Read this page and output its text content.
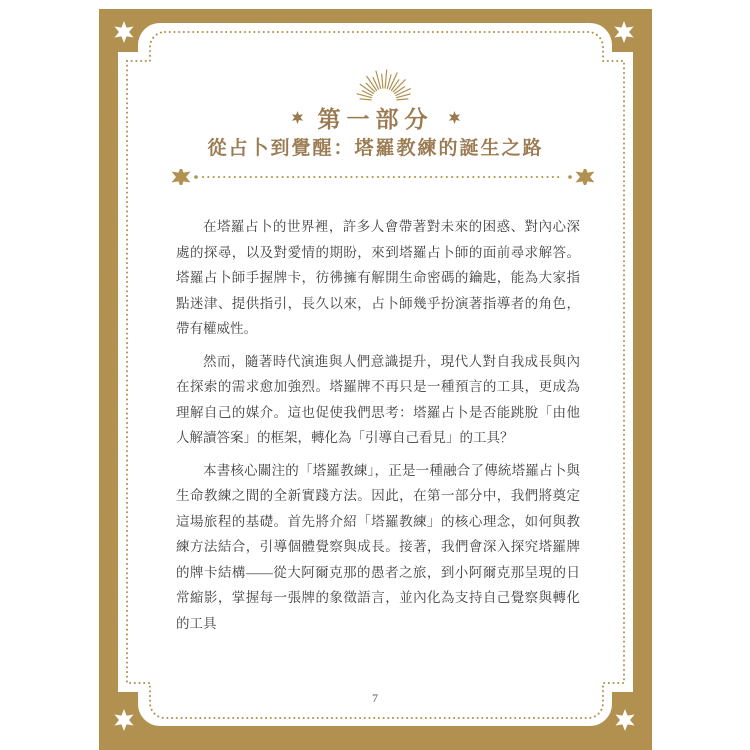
第一部分
從占卜到覺醒：塔羅教練的誕生之路

在塔羅占卜的世界裡，許多人會帶著對未來的困惑、對內心深處的探尋，以及對愛情的期盼，來到塔羅占卜師的面前尋求解答。塔羅占卜師手握牌卡，彷彿擁有解開生命密碼的鑰匙，能為大家指點迷津、提供指引，長久以來，占卜師幾乎扮演著指導者的角色，帶有權威性。

然而，隨著時代演進與人們意識提升，現代人對自我成長與內在探索的需求愈加強烈。塔羅牌不再只是一種預言的工具，更成為理解自己的媒介。這也促使我們思考：塔羅占卜是否能跳脫「由他人解讀答案」的框架，轉化為「引導自己看見」的工具？

本書核心關注的「塔羅教練」，正是一種融合了傳統塔羅占卜與生命教練之間的全新實踐方法。因此，在第一部分中，我們將奠定這場旅程的基礎。首先將介紹「塔羅教練」的核心理念，如何與教練方法結合，引導個體覺察與成長。接著，我們會深入探究塔羅牌的牌卡結構——從大阿爾克那的愚者之旅，到小阿爾克那呈現的日常縮影，掌握每一張牌的象徵語言，並內化為支持自己覺察與轉化的工具

7
